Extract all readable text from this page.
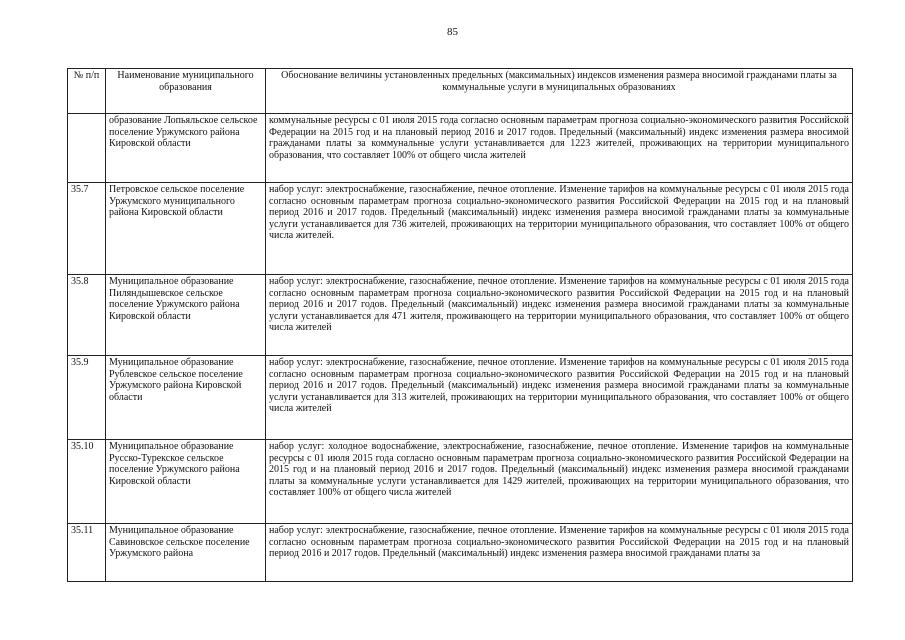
85
№ п/п	Наименование муниципального образования	Обоснование величины установленных предельных (максимальных) индексов изменения размера вносимой гражданами платы за коммунальные услуги в муниципальных образованиях
	образование Лопьяльское сельское поселение Уржумского района Кировской области	коммунальные ресурсы с 01 июля 2015 года согласно основным параметрам прогноза социально-экономического развития Российской Федерации на 2015 год и на плановый период 2016 и 2017 годов. Предельный (максимальный) индекс изменения размера вносимой гражданами платы за коммунальные услуги устанавливается для 1223 жителей, проживающих на территории муниципального образования, что составляет 100% от общего числа жителей
35.7	Петровское сельское поселение Уржумского муниципального района Кировской области	набор услуг: электроснабжение, газоснабжение, печное отопление. Изменение тарифов на коммунальные ресурсы с 01 июля 2015 года согласно основным параметрам прогноза социально-экономического развития Российской Федерации на 2015 год и на плановый период 2016 и 2017 годов. Предельный (максимальный) индекс изменения размера вносимой гражданами платы за коммунальные услуги устанавливается для 736 жителей, проживающих на территории муниципального образования, что составляет 100% от общего числа жителей.
35.8	Муниципальное образование Пиляндышевское сельское поселение Уржумского района Кировской области	набор услуг: электроснабжение, газоснабжение, печное отопление. Изменение тарифов на коммунальные ресурсы с 01 июля 2015 года согласно основным параметрам прогноза социально-экономического развития Российской Федерации на 2015 год и на плановый период 2016 и 2017 годов. Предельный (максимальный) индекс изменения размера вносимой гражданами платы за коммунальные услуги устанавливается для 471 жителя, проживающего на территории муниципального образования, что составляет 100% от общего числа жителей
35.9	Муниципальное образование Рублевское сельское поселение Уржумского района Кировской области	набор услуг: электроснабжение, газоснабжение, печное отопление. Изменение тарифов на коммунальные ресурсы с 01 июля 2015 года согласно основным параметрам прогноза социально-экономического развития Российской Федерации на 2015 год и на плановый период 2016 и 2017 годов. Предельный (максимальный) индекс изменения размера вносимой гражданами платы за коммунальные услуги устанавливается для 313 жителей, проживающих на территории муниципального образования, что составляет 100% от общего числа жителей
35.10	Муниципальное образование Русско-Турекское сельское поселение Уржумского района Кировской области	набор услуг: холодное водоснабжение, электроснабжение, газоснабжение, печное отопление. Изменение тарифов на коммунальные ресурсы с 01 июля 2015 года согласно основным параметрам прогноза социально-экономического развития Российской Федерации на 2015 год и на плановый период 2016 и 2017 годов. Предельный (максимальный) индекс изменения размера вносимой гражданами платы за коммунальные услуги устанавливается для 1429 жителей, проживающих на территории муниципального образования, что составляет 100% от общего числа жителей
35.11	Муниципальное образование Савиновское сельское поселение Уржумского района	набор услуг: электроснабжение, газоснабжение, печное отопление. Изменение тарифов на коммунальные ресурсы с 01 июля 2015 года согласно основным параметрам прогноза социально-экономического развития Российской Федерации на 2015 год и на плановый период 2016 и 2017 годов. Предельный (максимальный) индекс изменения размера вносимой гражданами платы за
